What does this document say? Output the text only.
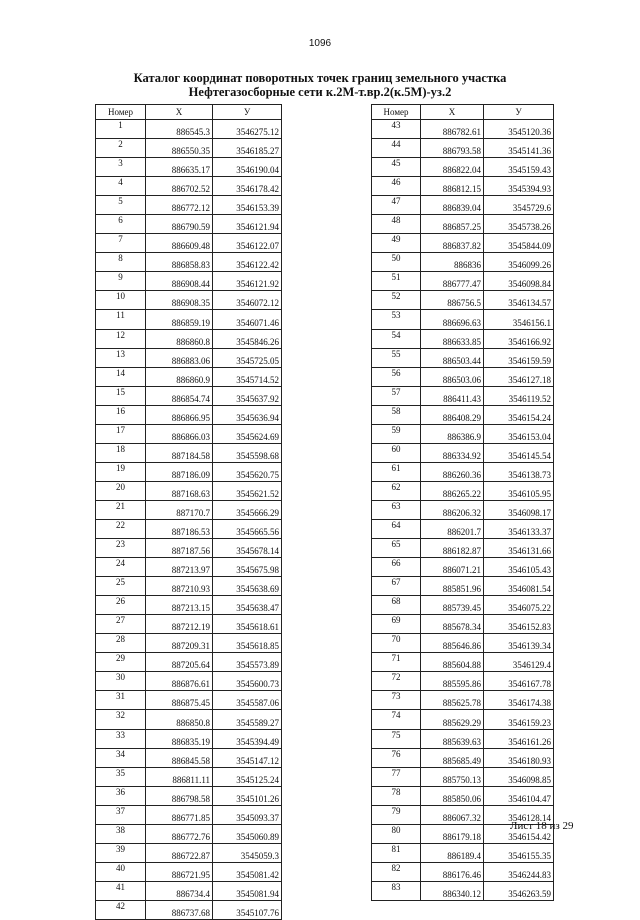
1096
Каталог координат поворотных точек границ земельного участка
Нефтегазосборные сети к.2М-т.вр.2(к.5М)-уз.2
Номер	X	У
1	886545.3	3546275.12
2	886550.35	3546185.27
3	886635.17	3546190.04
4	886702.52	3546178.42
5	886772.12	3546153.39
6	886790.59	3546121.94
7	886609.48	3546122.07
8	886858.83	3546122.42
9	886908.44	3546121.92
10	886908.35	3546072.12
11	886859.19	3546071.46
12	886860.8	3545846.26
13	886883.06	3545725.05
14	886860.9	3545714.52
15	886854.74	3545637.92
16	886866.95	3545636.94
17	886866.03	3545624.69
18	887184.58	3545598.68
19	887186.09	3545620.75
20	887168.63	3545621.52
21	887170.7	3545666.29
22	887186.53	3545665.56
23	887187.56	3545678.14
24	887213.97	3545675.98
25	887210.93	3545638.69
26	887213.15	3545638.47
27	887212.19	3545618.61
28	887209.31	3545618.85
29	887205.64	3545573.89
30	886876.61	3545600.73
31	886875.45	3545587.06
32	886850.8	3545589.27
33	886835.19	3545394.49
34	886845.58	3545147.12
35	886811.11	3545125.24
36	886798.58	3545101.26
37	886771.85	3545093.37
38	886772.76	3545060.89
39	886722.87	3545059.3
40	886721.95	3545081.42
41	886734.4	3545081.94
42	886737.68	3545107.76
Номер	X	У
43	886782.61	3545120.36
44	886793.58	3545141.36
45	886822.04	3545159.43
46	886812.15	3545394.93
47	886839.04	3545729.6
48	886857.25	3545738.26
49	886837.82	3545844.09
50	886836	3546099.26
51	886777.47	3546098.84
52	886756.5	3546134.57
53	886696.63	3546156.1
54	886633.85	3546166.92
55	886503.44	3546159.59
56	886503.06	3546127.18
57	886411.43	3546119.52
58	886408.29	3546154.24
59	886386.9	3546153.04
60	886334.92	3546145.54
61	886260.36	3546138.73
62	886265.22	3546105.95
63	886206.32	3546098.17
64	886201.7	3546133.37
65	886182.87	3546131.66
66	886071.21	3546105.43
67	885851.96	3546081.54
68	885739.45	3546075.22
69	885678.34	3546152.83
70	885646.86	3546139.34
71	885604.88	3546129.4
72	885595.86	3546167.78
73	885625.78	3546174.38
74	885629.29	3546159.23
75	885639.63	3546161.26
76	885685.49	3546180.93
77	885750.13	3546098.85
78	885850.06	3546104.47
79	886067.32	3546128.14
80	886179.18	3546154.42
81	886189.4	3546155.35
82	886176.46	3546244.83
83	886340.12	3546263.59
Лист 18 из 29
